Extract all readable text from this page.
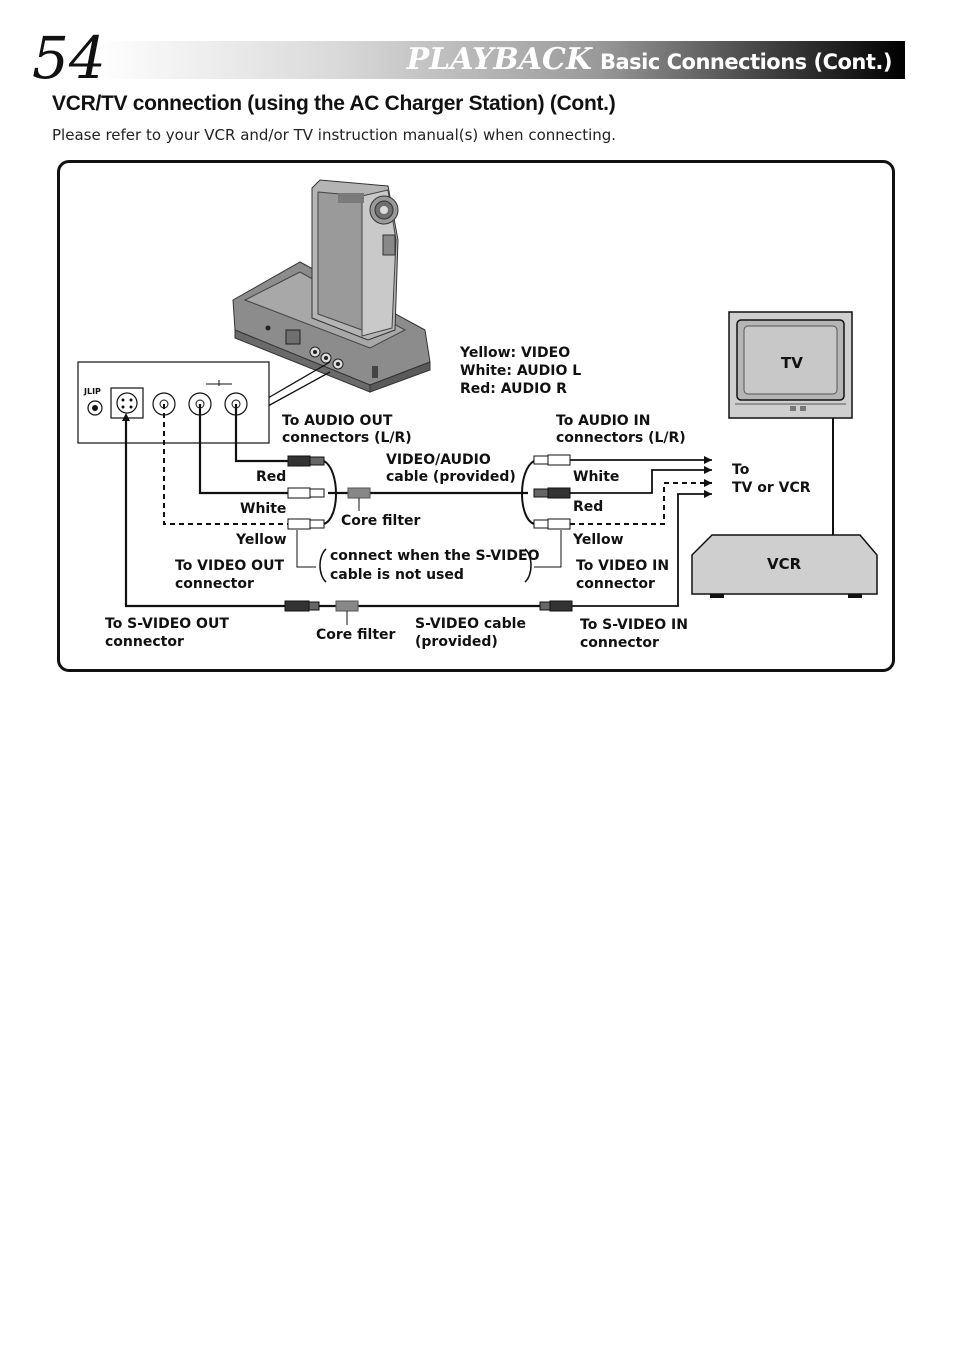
54	PLAYBACK Basic Connections (Cont.)
VCR/TV connection (using the AC Charger Station) (Cont.)
Please refer to your VCR and/or TV instruction manual(s) when connecting.
JLIP
TV
VCR
Yellow: VIDEO
White: AUDIO L
Red: AUDIO R
To AUDIO OUT
connectors (L/R)
To AUDIO IN
connectors (L/R)
VIDEO/AUDIO
cable (provided)
Red
White
Yellow
White
Red
Yellow
Core filter
To VIDEO OUT
connector
connect when the S-VIDEO
cable is not used
To VIDEO IN
connector
To S-VIDEO OUT
connector	Core filter
S-VIDEO cable
(provided)
To S-VIDEO IN
connector
To
TV or VCR
